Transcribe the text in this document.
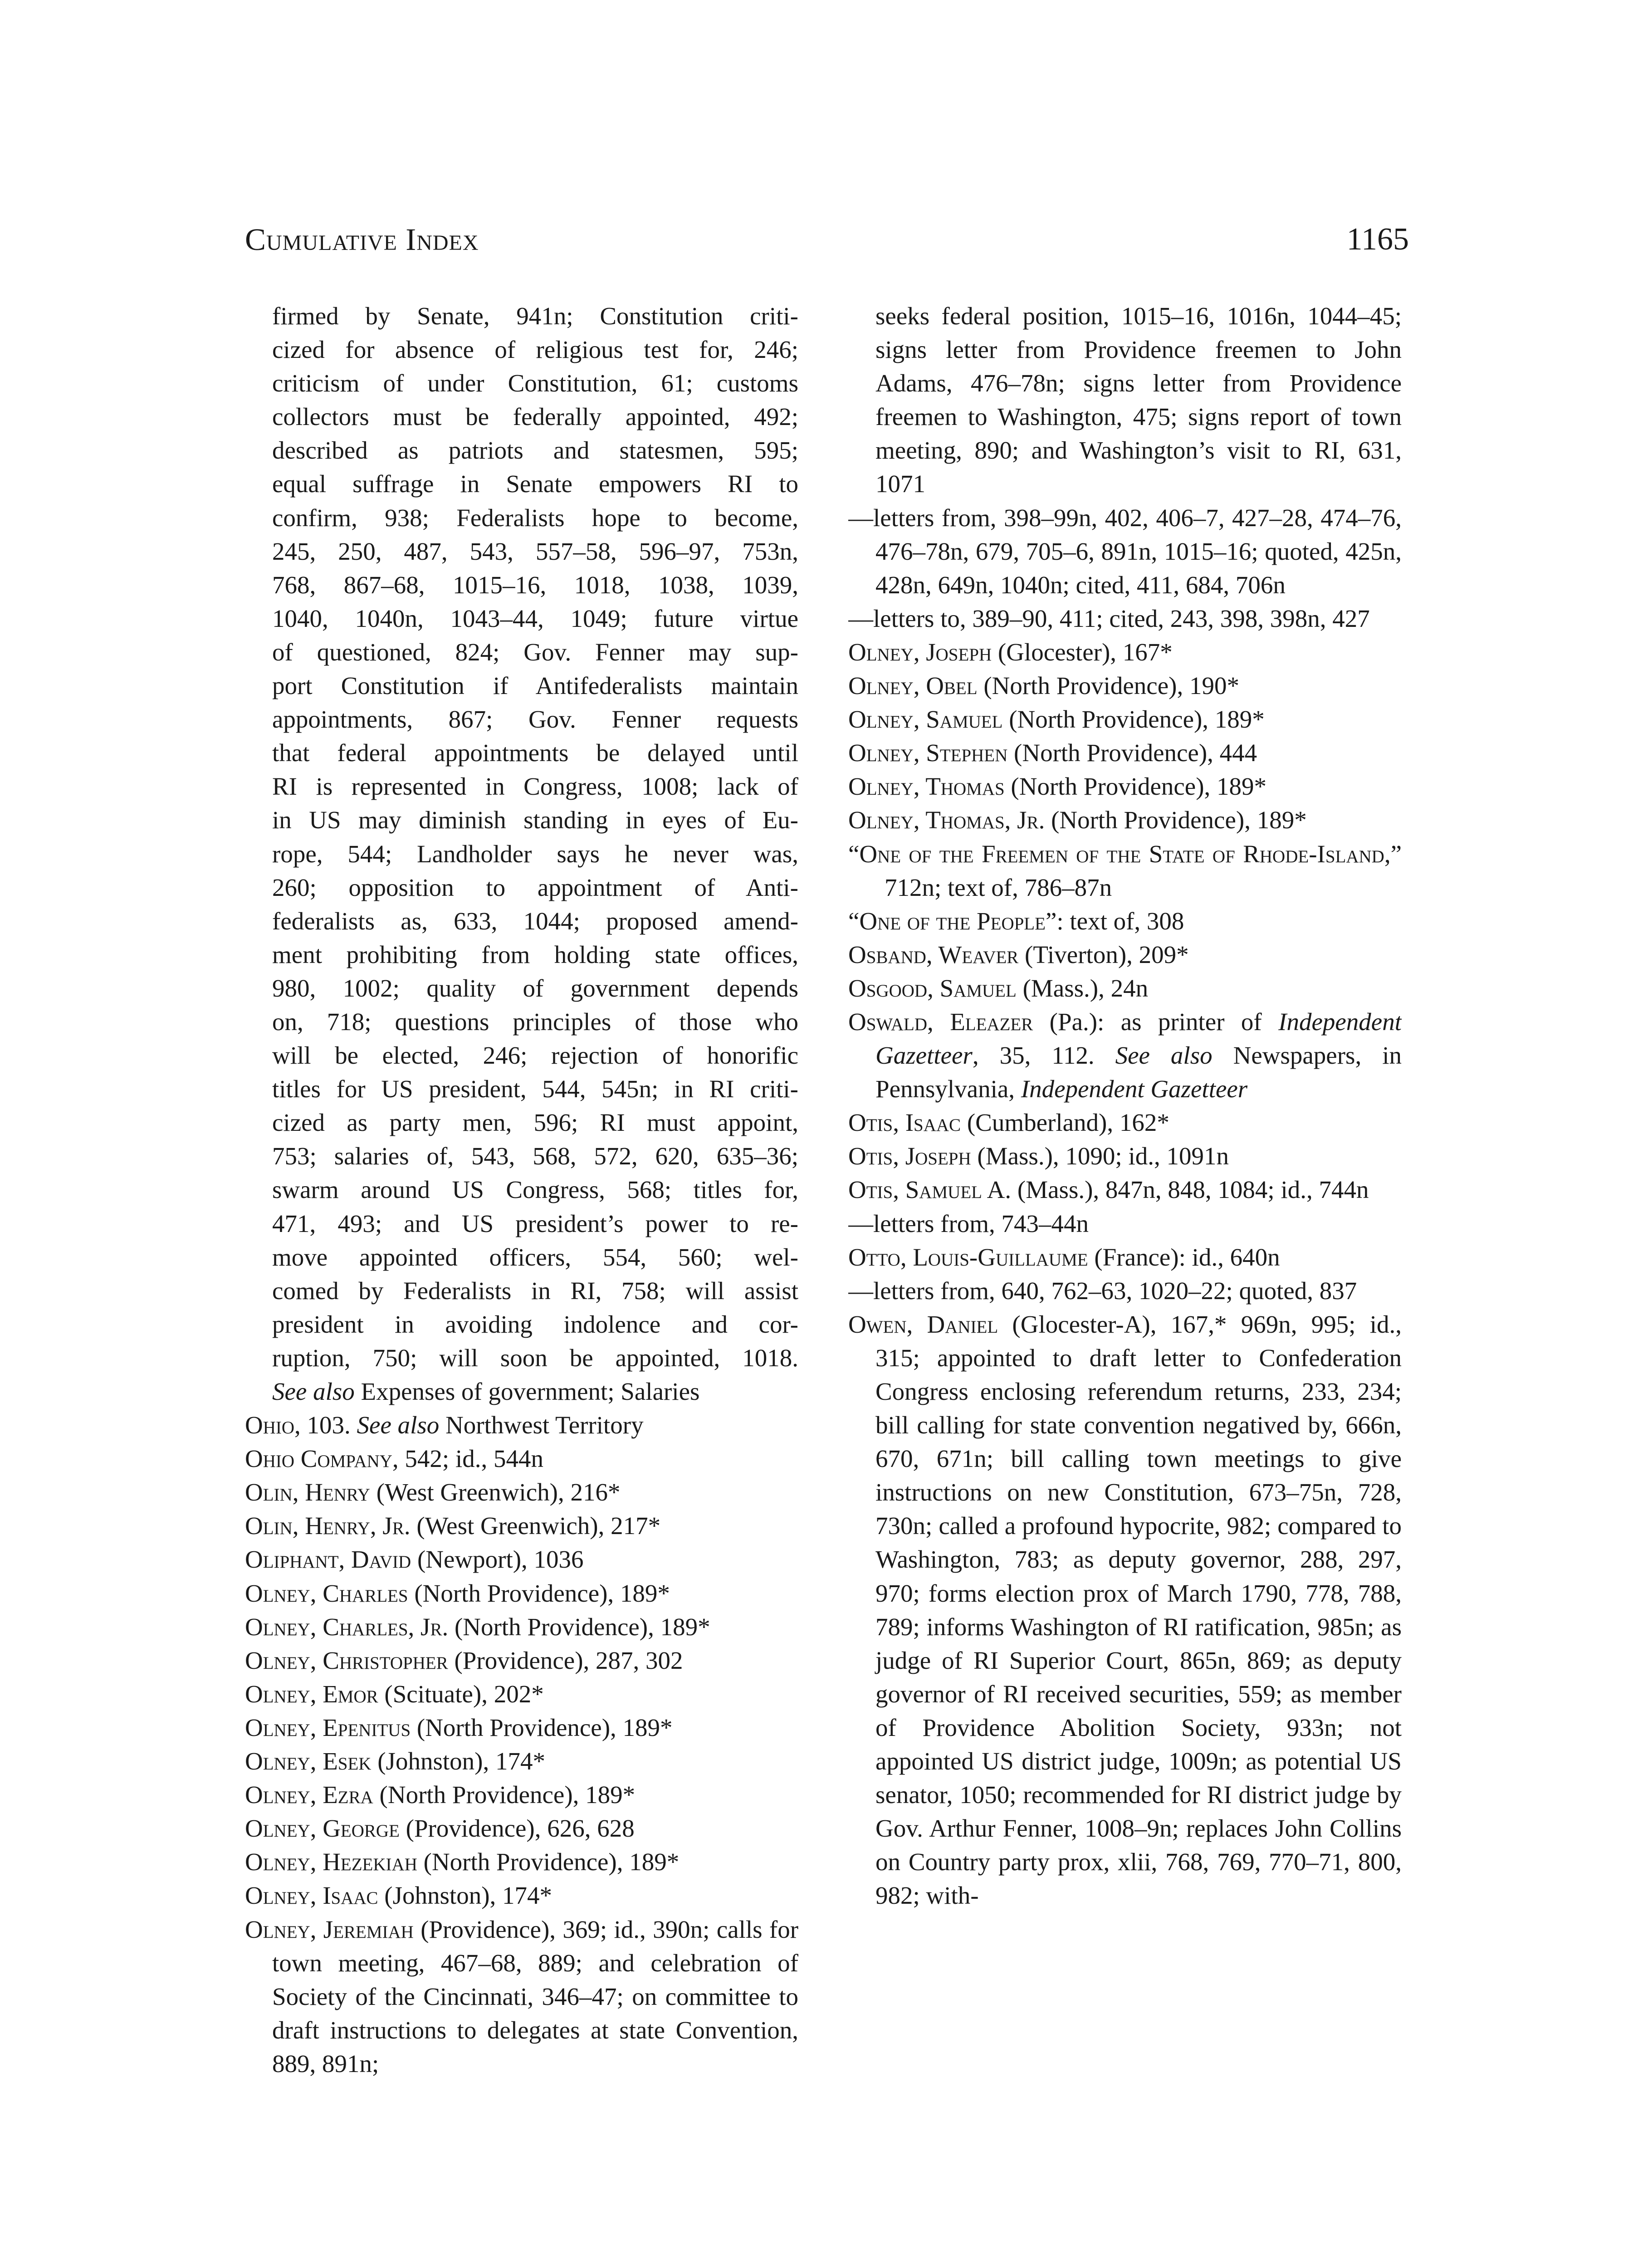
Cumulative Index	1165

firmed by Senate, 941n; Constitution criti-
cized for absence of religious test for, 246;
criticism of under Constitution, 61; customs
collectors must be federally appointed, 492;
described as patriots and statesmen, 595;
equal suffrage in Senate empowers RI to
confirm, 938; Federalists hope to become,
245, 250, 487, 543, 557–58, 596–97, 753n,
768, 867–68, 1015–16, 1018, 1038, 1039,
1040, 1040n, 1043–44, 1049; future virtue
of questioned, 824; Gov. Fenner may sup-
port Constitution if Antifederalists maintain
appointments, 867; Gov. Fenner requests
that federal appointments be delayed until
RI is represented in Congress, 1008; lack of
in US may diminish standing in eyes of Eu-
rope, 544; Landholder says he never was,
260; opposition to appointment of Anti-
federalists as, 633, 1044; proposed amend-
ment prohibiting from holding state offices,
980, 1002; quality of government depends
on, 718; questions principles of those who
will be elected, 246; rejection of honorific
titles for US president, 544, 545n; in RI criti-
cized as party men, 596; RI must appoint,
753; salaries of, 543, 568, 572, 620, 635–36;
swarm around US Congress, 568; titles for,
471, 493; and US president’s power to re-
move appointed officers, 554, 560; wel-
comed by Federalists in RI, 758; will assist
president in avoiding indolence and cor-
ruption, 750; will soon be appointed, 1018.
See also Expenses of government; Salaries

Ohio, 103. See also Northwest Territory

Ohio Company, 542; id., 544n

Olin, Henry (West Greenwich), 216*

Olin, Henry, Jr. (West Greenwich), 217*

Oliphant, David (Newport), 1036

Olney, Charles (North Providence), 189*

Olney, Charles, Jr. (North Providence), 189*

Olney, Christopher (Providence), 287, 302

Olney, Emor (Scituate), 202*

Olney, Epenitus (North Providence), 189*

Olney, Esek (Johnston), 174*

Olney, Ezra (North Providence), 189*

Olney, George (Providence), 626, 628

Olney, Hezekiah (North Providence), 189*

Olney, Isaac (Johnston), 174*

Olney, Jeremiah (Providence), 369; id., 390n; calls for town meeting, 467–68, 889; and celebration of Society of the Cincinnati, 346–47; on committee to draft instructions to delegates at state Convention, 889, 891n;

seeks federal position, 1015–16, 1016n, 1044–45; signs letter from Providence freemen to John Adams, 476–78n; signs letter from Providence freemen to Washington, 475; signs report of town meeting, 890; and Washington’s visit to RI, 631, 1071

—letters from, 398–99n, 402, 406–7, 427–28, 474–76, 476–78n, 679, 705–6, 891n, 1015–16; quoted, 425n, 428n, 649n, 1040n; cited, 411, 684, 706n

—letters to, 389–90, 411; cited, 243, 398, 398n, 427

Olney, Joseph (Glocester), 167*

Olney, Obel (North Providence), 190*

Olney, Samuel (North Providence), 189*

Olney, Stephen (North Providence), 444

Olney, Thomas (North Providence), 189*

Olney, Thomas, Jr. (North Providence), 189*

“One of the Freemen of the State of Rhode-Island,” 712n; text of, 786–87n

“One of the People”: text of, 308

Osband, Weaver (Tiverton), 209*

Osgood, Samuel (Mass.), 24n

Oswald, Eleazer (Pa.): as printer of Independent Gazetteer, 35, 112. See also Newspapers, in Pennsylvania, Independent Gazetteer

Otis, Isaac (Cumberland), 162*

Otis, Joseph (Mass.), 1090; id., 1091n

Otis, Samuel A. (Mass.), 847n, 848, 1084; id., 744n

—letters from, 743–44n

Otto, Louis-Guillaume (France): id., 640n

—letters from, 640, 762–63, 1020–22; quoted, 837

Owen, Daniel (Glocester-A), 167,* 969n, 995; id., 315; appointed to draft letter to Confederation Congress enclosing referendum returns, 233, 234; bill calling for state convention negatived by, 666n, 670, 671n; bill calling town meetings to give instructions on new Constitution, 673–75n, 728, 730n; called a profound hypocrite, 982; compared to Washington, 783; as deputy governor, 288, 297, 970; forms election prox of March 1790, 778, 788, 789; informs Washington of RI ratification, 985n; as judge of RI Superior Court, 865n, 869; as deputy governor of RI received securities, 559; as member of Providence Abolition Society, 933n; not appointed US district judge, 1009n; as potential US senator, 1050; recommended for RI district judge by Gov. Arthur Fenner, 1008–9n; replaces John Collins on Country party prox, xlii, 768, 769, 770–71, 800, 982; with-
